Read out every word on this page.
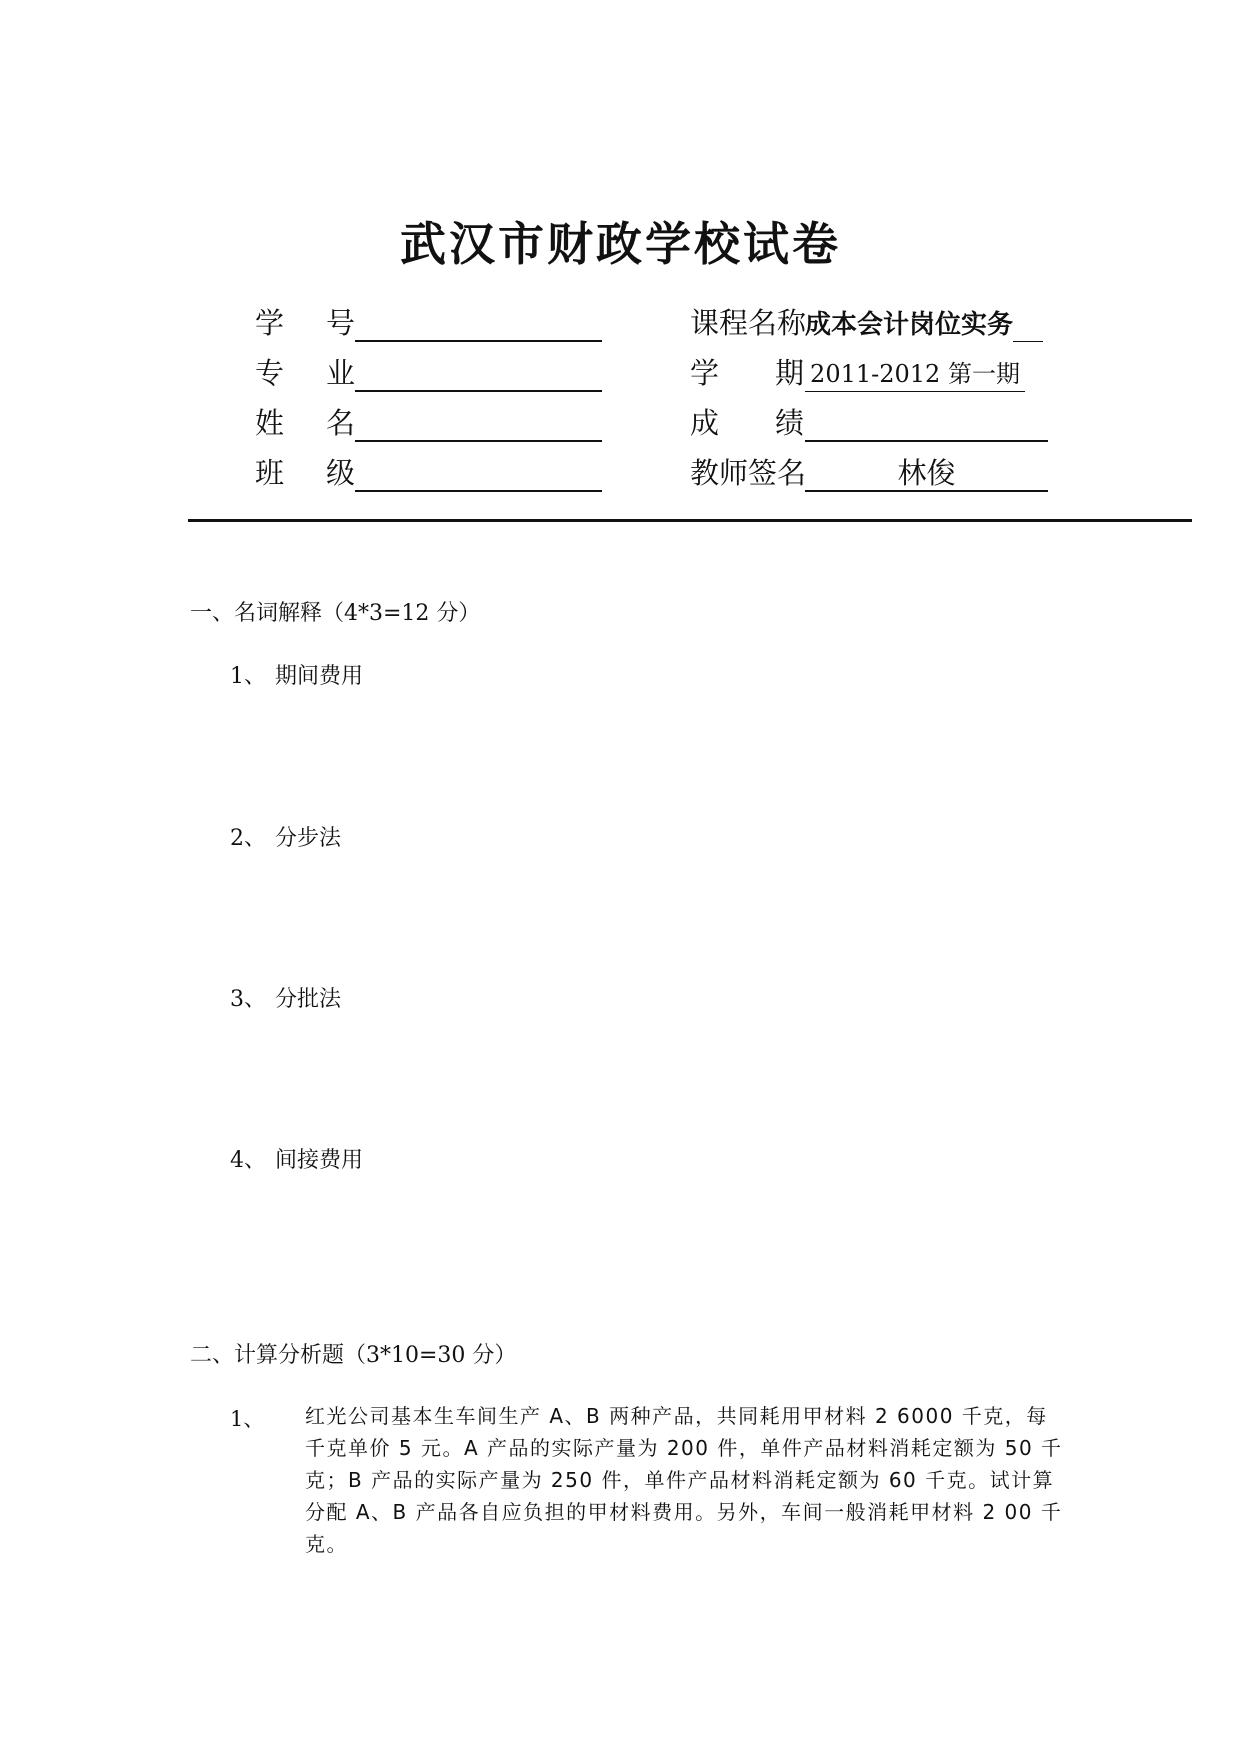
武汉市财政学校试卷
学 号
专 业
姓 名
班 级
课程名称
成本会计岗位实务
学 期 2011-2012 第一期
成 绩
教师签名	林俊
一、名词解释（4*3=12 分）
1、 期间费用
2、 分步法
3、 分批法
4、 间接费用
二、计算分析题（3*10=30 分）
1、 红光公司基本生车间生产 A、B 两种产品，共同耗用甲材料 2 6000 千克，每千克单价 5 元。A 产品的实际产量为 200 件，单件产品材料消耗定额为 50 千克；B 产品的实际产量为 250 件，单件产品材料消耗定额为 60 千克。试计算分配 A、B 产品各自应负担的甲材料费用。另外，车间一般消耗甲材料 2 00 千克。
